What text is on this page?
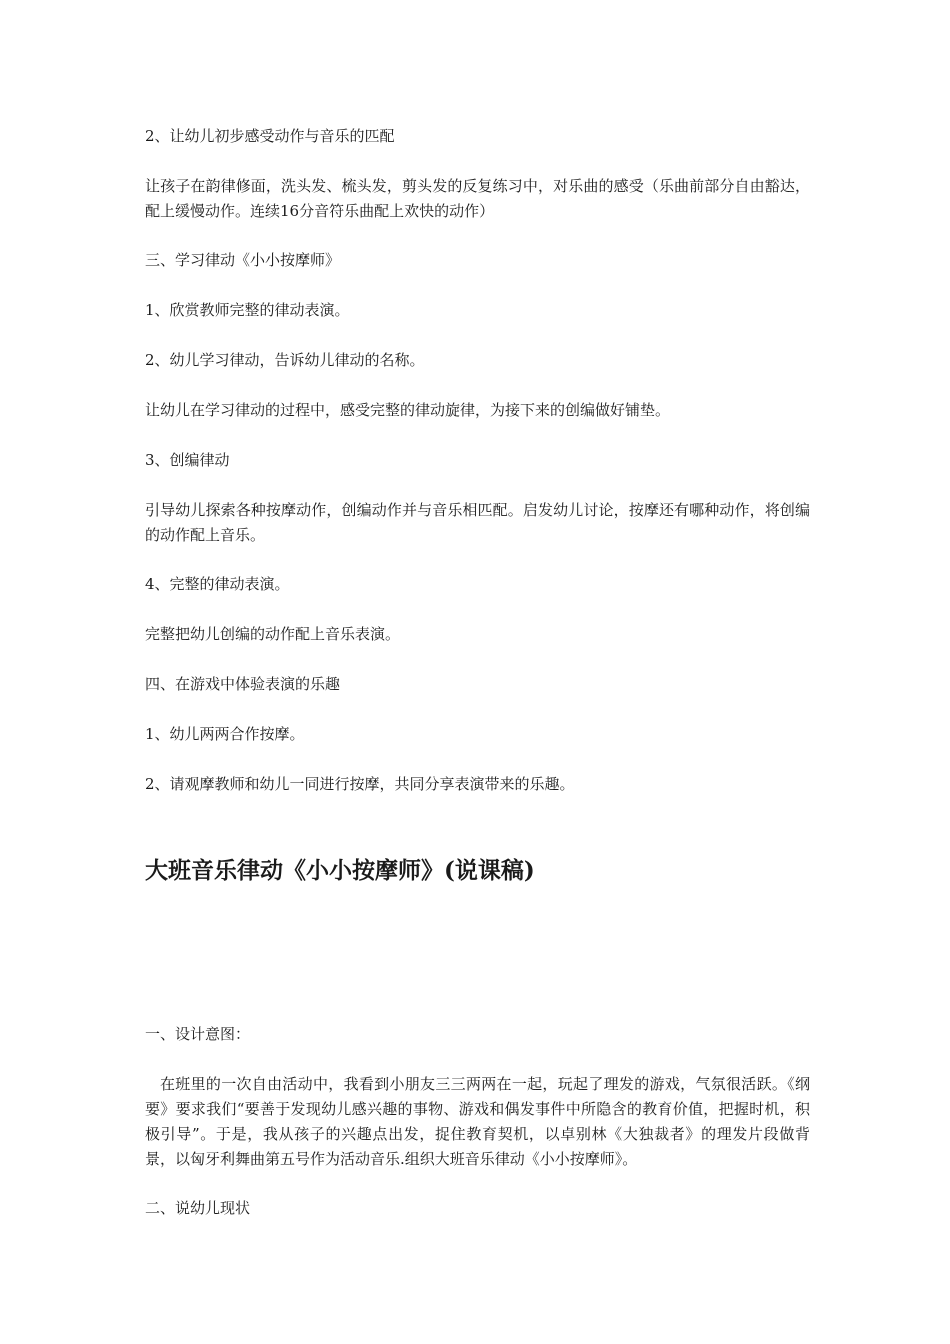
2、让幼儿初步感受动作与音乐的匹配

让孩子在韵律修面，洗头发、梳头发，剪头发的反复练习中，对乐曲的感受（乐曲前部分自由豁达，配上缓慢动作。连续16分音符乐曲配上欢快的动作）

三、学习律动《小小按摩师》

1、欣赏教师完整的律动表演。

2、幼儿学习律动，告诉幼儿律动的名称。

让幼儿在学习律动的过程中，感受完整的律动旋律，为接下来的创编做好铺垫。

3、创编律动

引导幼儿探索各种按摩动作，创编动作并与音乐相匹配。启发幼儿讨论，按摩还有哪种动作，将创编的动作配上音乐。

4、完整的律动表演。

完整把幼儿创编的动作配上音乐表演。

四、在游戏中体验表演的乐趣

1、幼儿两两合作按摩。

2、请观摩教师和幼儿一同进行按摩，共同分享表演带来的乐趣。

大班音乐律动《小小按摩师》(说课稿)

一、设计意图：

在班里的一次自由活动中，我看到小朋友三三两两在一起，玩起了理发的游戏，气氛很活跃。《纲要》要求我们“要善于发现幼儿感兴趣的事物、游戏和偶发事件中所隐含的教育价值，把握时机，积极引导”。于是，我从孩子的兴趣点出发，捉住教育契机，以卓别林《大独裁者》的理发片段做背景，以匈牙利舞曲第五号作为活动音乐.组织大班音乐律动《小小按摩师》。

二、说幼儿现状
